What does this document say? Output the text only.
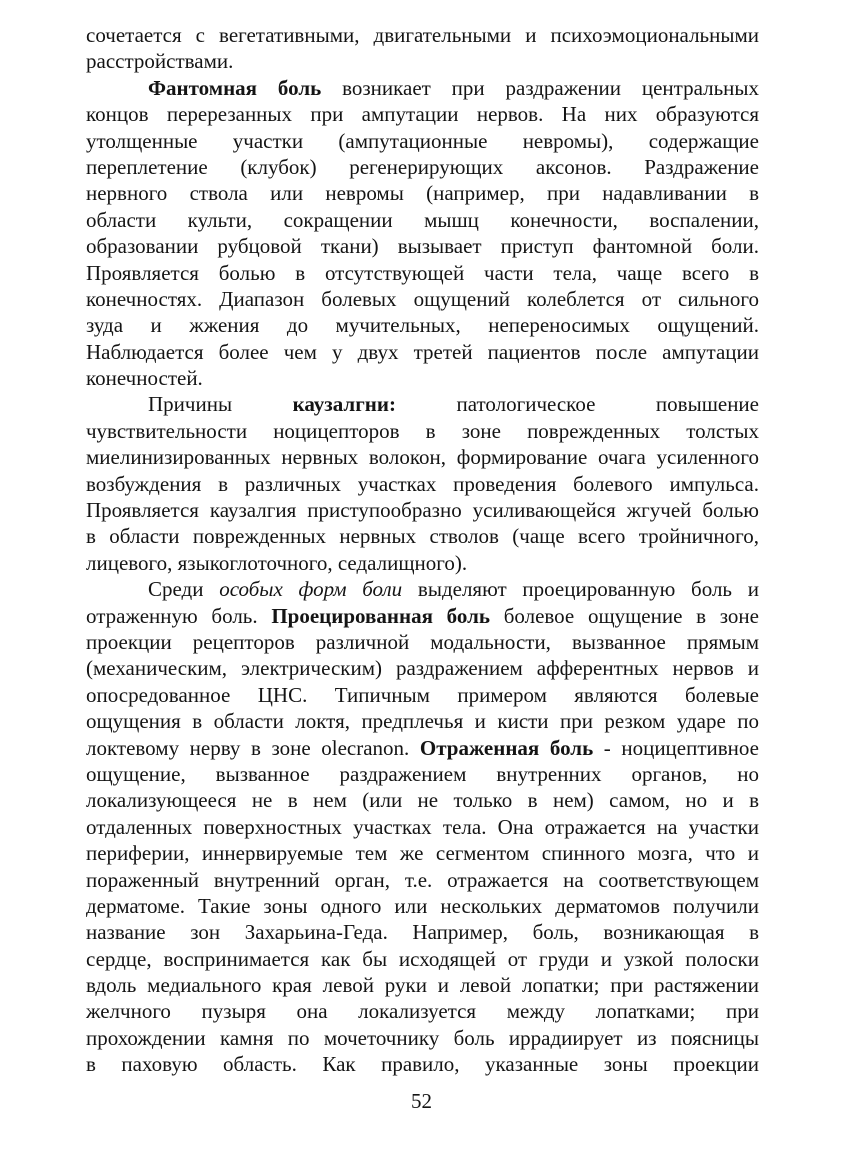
сочетается с вегетативными, двигательными и психоэмоциональными
расстройствами.
Фантомная боль возникает при раздражении центральных
концов перерезанных при ампутации нервов. На них образуются
утолщенные участки (ампутационные невромы), содержащие
переплетение (клубок) регенерирующих аксонов. Раздражение
нервного ствола или невромы (например, при надавливании в
области культи, сокращении мышц конечности, воспалении,
образовании рубцовой ткани) вызывает приступ фантомной боли.
Проявляется болью в отсутствующей части тела, чаще всего в
конечностях. Диапазон болевых ощущений колеблется от сильного
зуда и жжения до мучительных, непереносимых ощущений.
Наблюдается более чем у двух третей пациентов после ампутации
конечностей.
Причины каузалгни: патологическое повышение
чувствительности ноцицепторов в зоне поврежденных толстых
миелинизированных нервных волокон, формирование очага усиленного
возбуждения в различных участках проведения болевого импульса.
Проявляется каузалгия приступообразно усиливающейся жгучей болью
в области поврежденных нервных стволов (чаще всего тройничного,
лицевого, языкоглоточного, седалищного).
Среди особых форм боли выделяют проецированную боль и
отраженную боль. Проецированная боль болевое ощущение в зоне
проекции рецепторов различной модальности, вызванное прямым
(механическим, электрическим) раздражением афферентных нервов и
опосредованное ЦНС. Типичным примером являются болевые
ощущения в области локтя, предплечья и кисти при резком ударе по
локтевому нерву в зоне olecranon. Отраженная боль - ноцицептивное
ощущение, вызванное раздражением внутренних органов, но
локализующееся не в нем (или не только в нем) самом, но и в
отдаленных поверхностных участках тела. Она отражается на участки
периферии, иннервируемые тем же сегментом спинного мозга, что и
пораженный внутренний орган, т.е. отражается на соответствующем
дерматоме. Такие зоны одного или нескольких дерматомов получили
название зон Захарьина-Геда. Например, боль, возникающая в
сердце, воспринимается как бы исходящей от груди и узкой полоски
вдоль медиального края левой руки и левой лопатки; при растяжении
желчного пузыря она локализуется между лопатками; при
прохождении камня по мочеточнику боль иррадиирует из поясницы
в паховую область. Как правило, указанные зоны проекции
52
